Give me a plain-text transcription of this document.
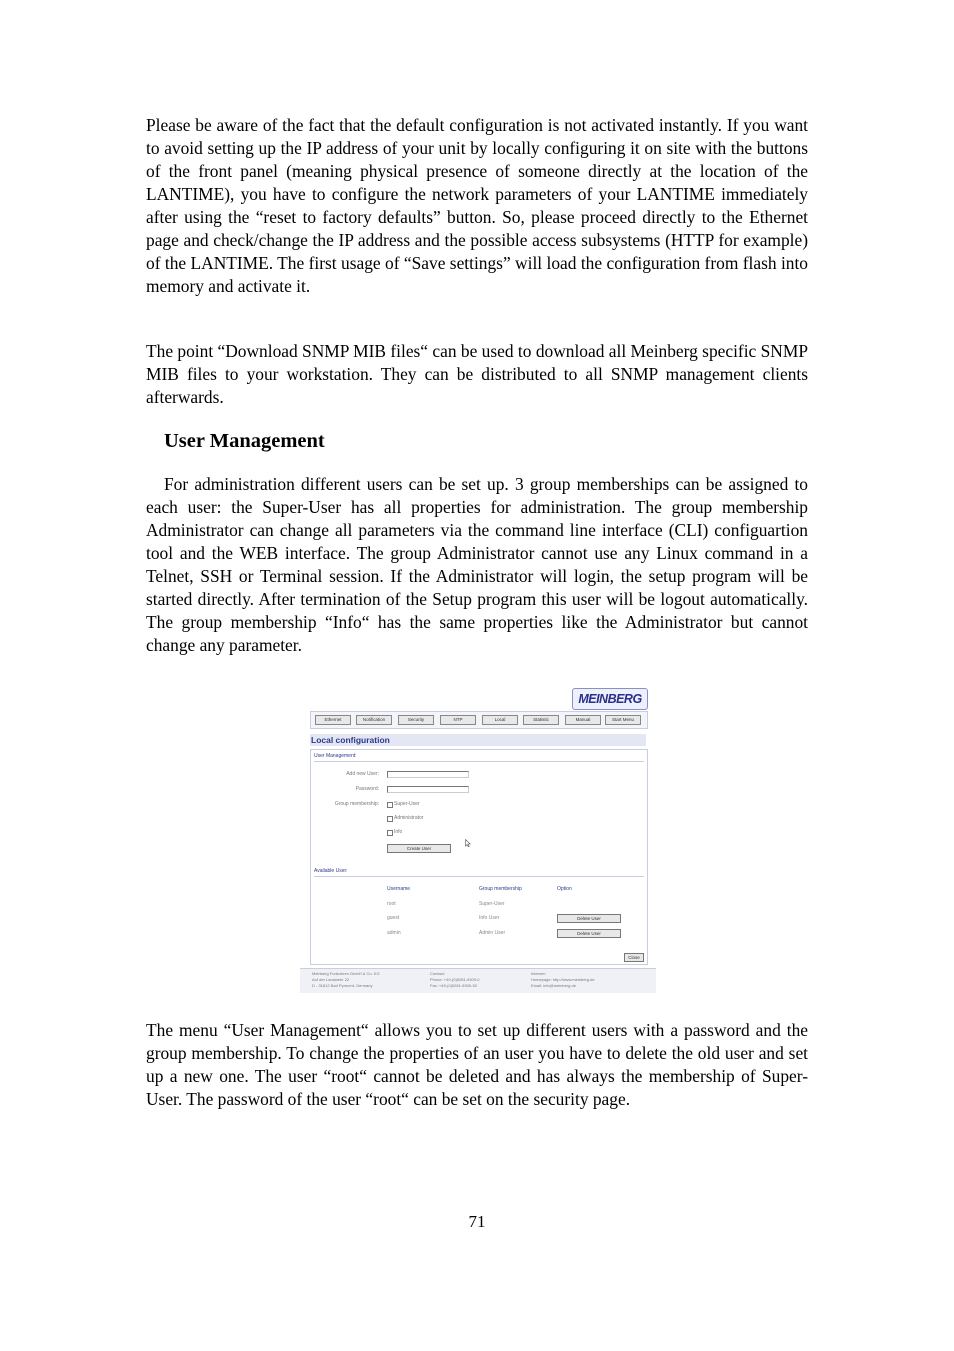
Please be aware of the fact that the default configuration is not activated instantly. If you want to avoid setting up the IP address of your unit by locally configuring it on site with the buttons of the front panel (meaning physical presence of someone directly at the location of the LANTIME), you have to configure the network parameters of your LANTIME immediately after using the “reset to factory defaults” button. So, please proceed directly to the Ethernet page and check/change the IP address and the possible access subsystems (HTTP for example) of the LANTIME. The first usage of “Save settings” will load the configuration from flash into memory and activate it.
The point “Download SNMP MIB files“ can be used to download all Meinberg specific SNMP MIB files to your workstation. They can be distributed to all SNMP management clients afterwards.
User Management
For administration different users can be set up. 3 group memberships can be assigned to each user: the Super-User has all properties for administration. The group membership Administrator can change all parameters via the command line interface (CLI) configuartion tool and the WEB interface. The group Administrator cannot use any Linux command in a Telnet, SSH or Terminal session. If the Administrator will login, the setup program will be started directly. After termination of the Setup program this user will be logout automatically. The group membership “Info“ has the same properties like the Administrator but cannot change any parameter.
MEINBERG
Ethernet	Notification	Security	NTP	Local	Statistic	Manual	Start Menu
Local configuration
User Management:
Add new User:
Password:
Group membership:	Super-User
Administrator
Info
Create User
Available User:
Username	Group membership	Option
root	Super-User
guest	Info User	Delete User
admin	Admin User	Delete User
Close
Meinberg Funkuhren GmbH & Co. KG
Auf der Landwehr 22
D - 31812 Bad Pyrmont, Germany
Contact:
Phone: +49-(0)5281-9309-0
Fax: +49-(0)5281-9309-30
Internet:
Homepage: http://www.meinberg.de
Email: info@meinberg.de
The menu “User Management“ allows you to set up different users with a password and the group membership. To change the properties of an user you have to delete the old user and set up a new one. The user “root“ cannot be deleted and has always the membership of Super-User. The password of the user “root“ can be set on the security page.
71
